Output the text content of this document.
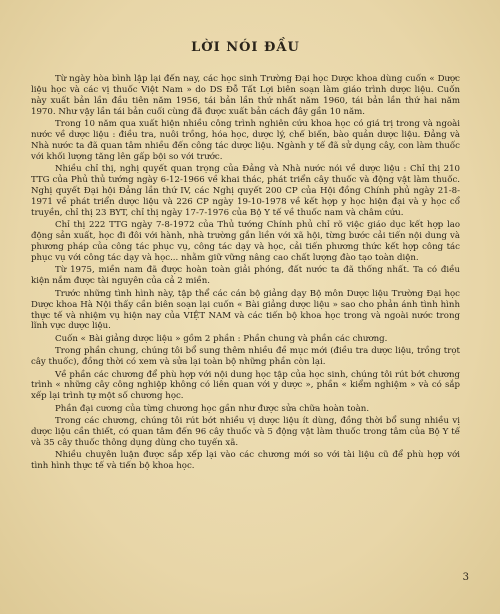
LỜI NÓI ĐẦU

Từ ngày hòa bình lập lại đến nay, các học sinh Trường Đại học Dược khoa dùng cuốn « Dược liệu học và các vị thuốc Việt Nam » do DS Đỗ Tất Lợi biên soạn làm giáo trình dược liệu. Cuốn này xuất bản lần đầu tiên năm 1956, tái bản lần thứ nhất năm 1960, tái bản lần thứ hai năm 1970. Như vậy lần tái bản cuối cùng đã được xuất bản cách đây gần 10 năm.

Trong 10 năm qua xuất hiện nhiều công trình nghiên cứu khoa học có giá trị trong và ngoài nước về dược liệu : điều tra, nuôi trồng, hóa học, dược lý, chế biến, bào quản dược liệu. Đảng và Nhà nước ta đã quan tâm nhiều đến công tác dược liệu. Ngành y tế đã sử dụng cây, con làm thuốc với khối lượng tăng lên gấp bội so với trước.

Nhiều chỉ thị, nghị quyết quan trọng của Đảng và Nhà nước nói về dược liệu : Chỉ thị 210 TTG của Phủ thủ tướng ngày 6-12-1966 về khai thác, phát triển cây thuốc và động vật làm thuốc. Nghị quyết Đại hội Đảng lần thứ IV, các Nghị quyết 200 CP của Hội đồng Chính phủ ngày 21-8-1971 về phát triển dược liệu và 226 CP ngày 19-10-1978 về kết hợp y học hiện đại và y học cổ truyền, chỉ thị 23 BYT, chỉ thị ngày 17-7-1976 của Bộ Y tế về thuốc nam và châm cứu.

Chỉ thị 222 TTG ngày 7-8-1972 của Thủ tướng Chính phủ chỉ rõ việc giáo dục kết hợp lao động sản xuất, học đi đôi với hành, nhà trường gắn liền với xã hội, từng bước cải tiến nội dung và phương pháp của công tác phục vụ, công tác dạy và học, cải tiến phương thức kết hợp công tác phục vụ với công tác dạy và học... nhằm giữ vững nâng cao chất lượng đào tạo toàn diện.

Từ 1975, miền nam đã được hoàn toàn giải phóng, đất nước ta đã thống nhất. Ta có điều kiện nắm được tài nguyên của cả 2 miền.

Trước những tình hình này, tập thể các cán bộ giảng dạy Bộ môn Dược liệu Trường Đại học Dược khoa Hà Nội thấy cần biên soạn lại cuốn « Bài giảng dược liệu » sao cho phản ánh tình hình thực tế và nhiệm vụ hiện nay của VIỆT NAM và các tiến bộ khoa học trong và ngoài nước trong lĩnh vực dược liệu.

Cuốn « Bài giảng dược liệu » gồm 2 phần : Phần chung và phần các chương.

Trong phần chung, chúng tôi bổ sung thêm nhiều đề mục mới (điều tra dược liệu, trồng trọt cây thuốc), đồng thời có xem và sửa lại toàn bộ những phần còn lại.

Về phần các chương để phù hợp với nội dung học tập của học sinh, chúng tôi rút bớt chương trình « những cây công nghiệp không có liên quan với y dược », phần « kiểm nghiệm » và có sắp xếp lại trình tự một số chương học.

Phần đại cương của từng chương học gần như được sửa chữa hoàn toàn.

Trong các chương, chúng tôi rút bớt nhiều vị dược liệu ít dùng, đồng thời bổ sung nhiều vị dược liệu cần thiết, có quan tâm đến 96 cây thuốc và 5 động vật làm thuốc trong tâm của Bộ Y tế và 35 cây thuốc thông dụng dùng cho tuyến xã.

Nhiều chuyên luận được sắp xếp lại vào các chương mới so với tài liệu cũ để phù hợp với tình hình thực tế và tiến bộ khoa học.

3
